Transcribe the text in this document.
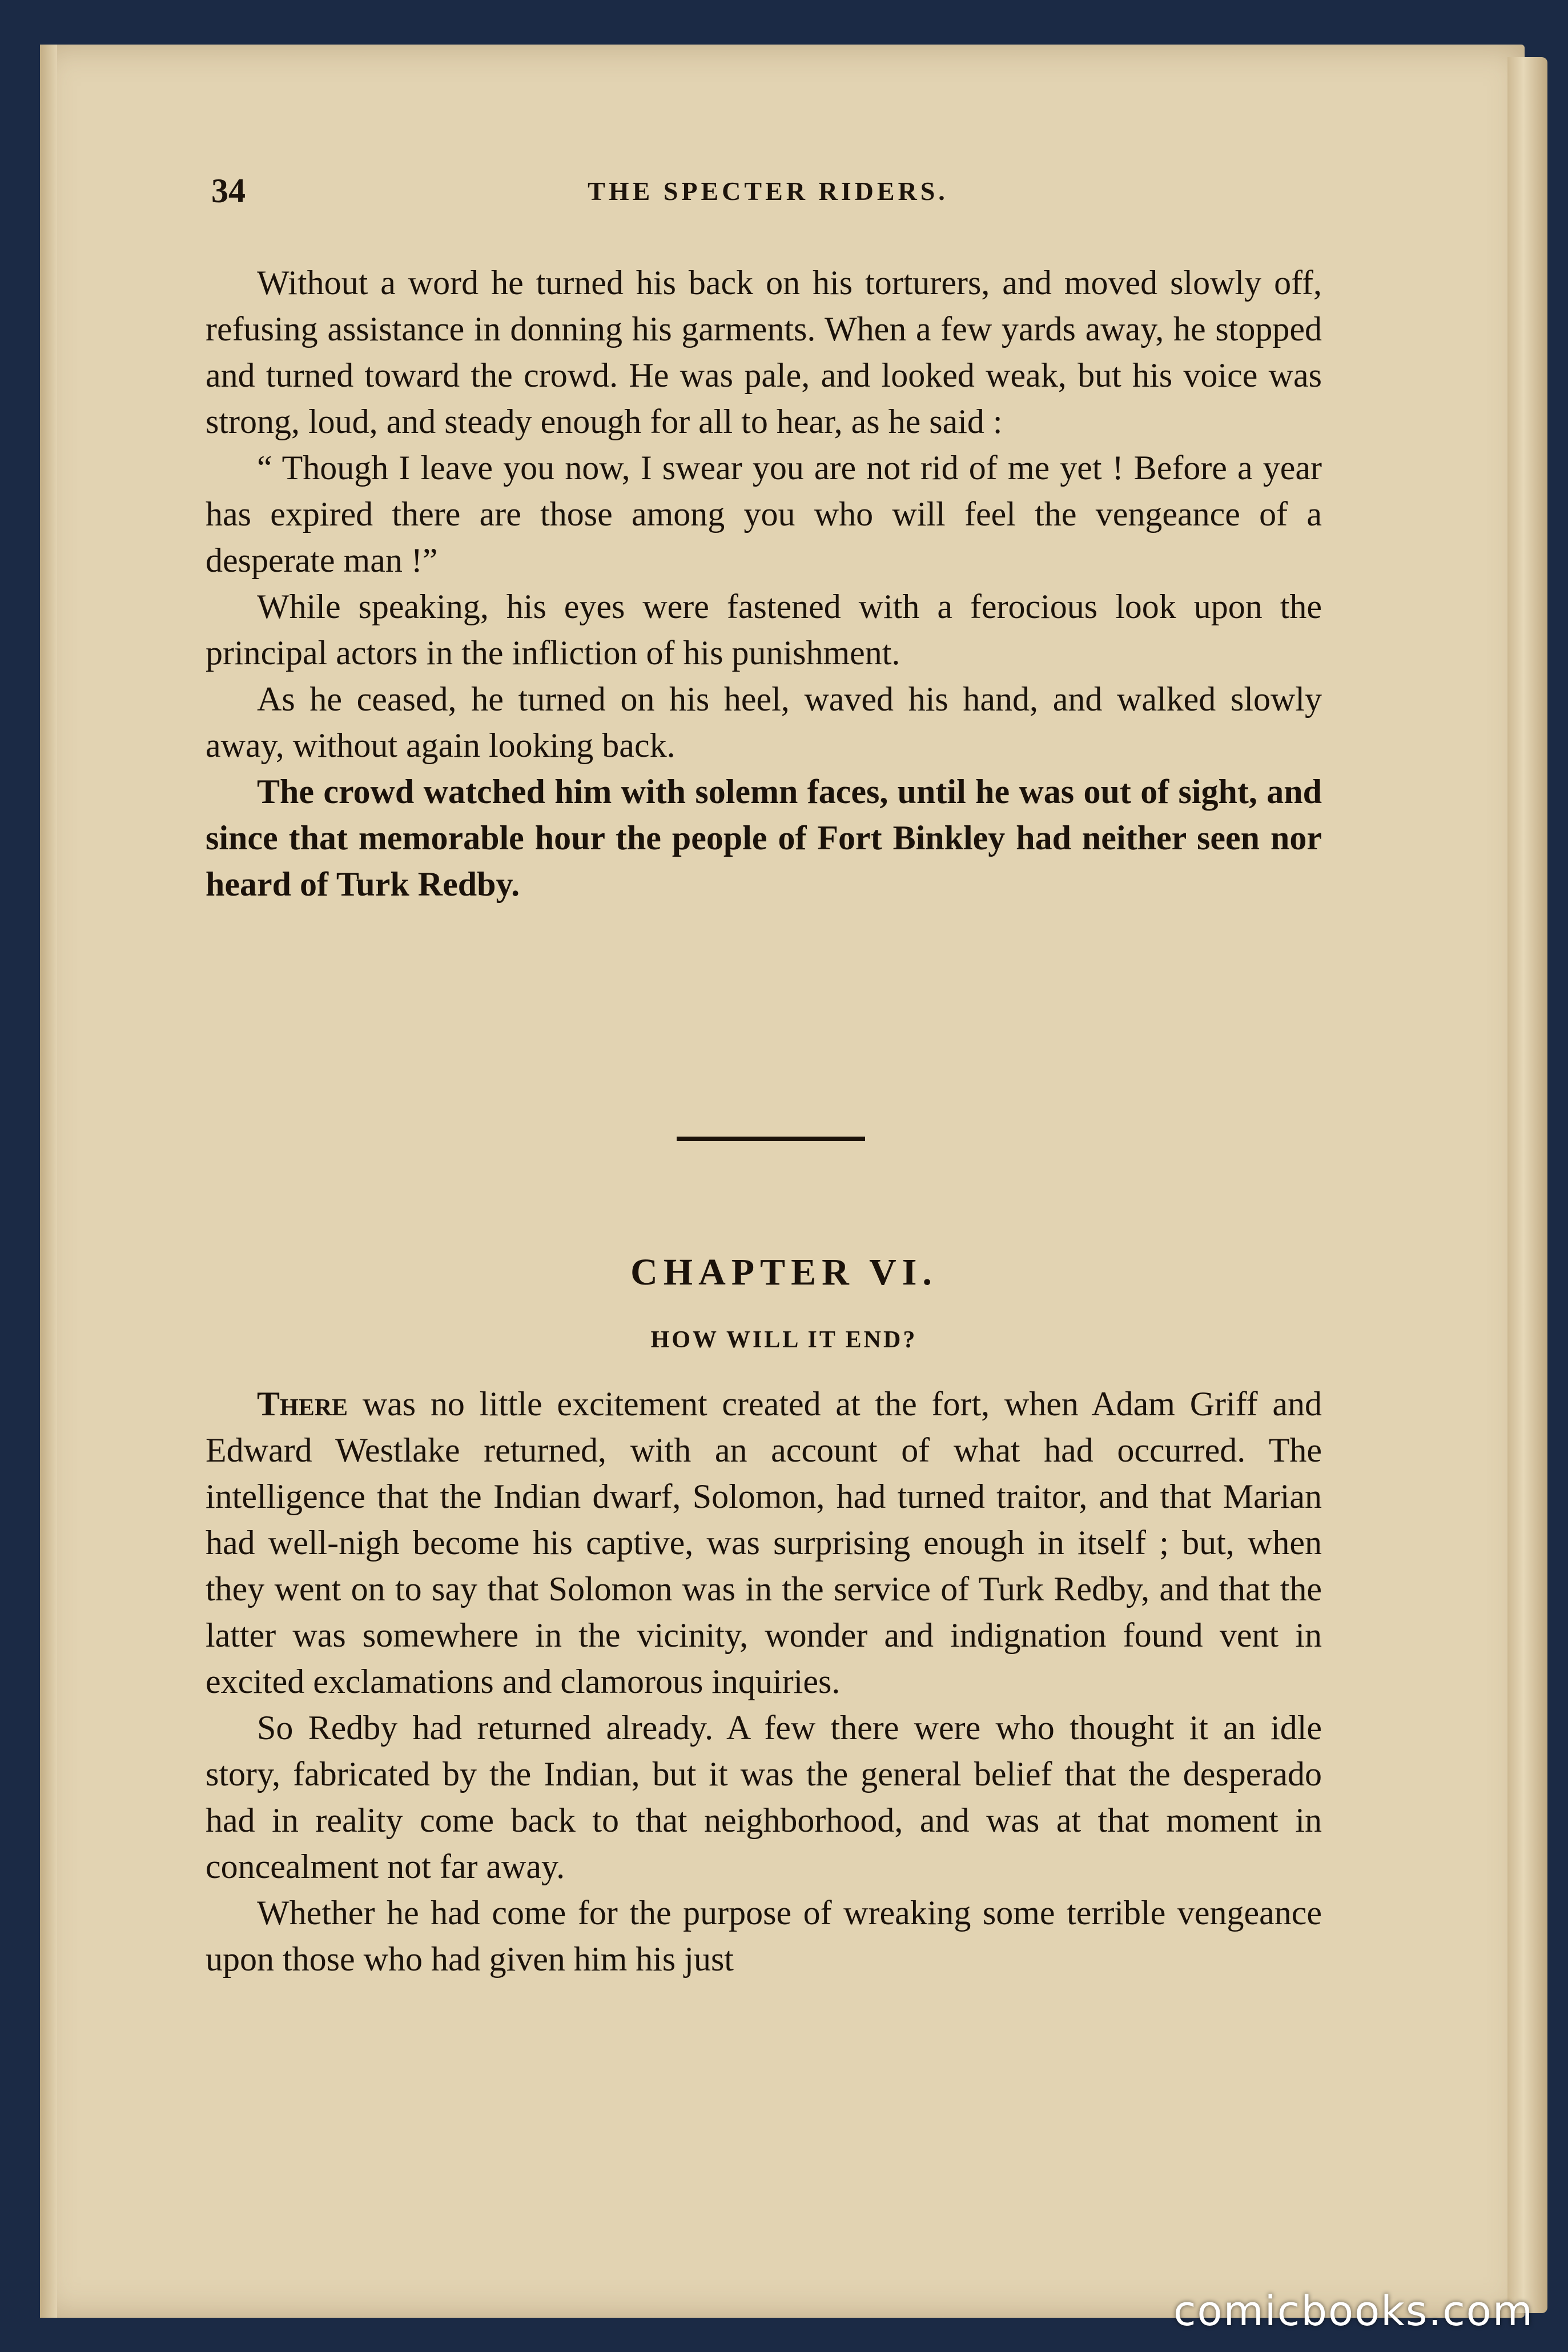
34	THE SPECTER RIDERS.

Without a word he turned his back on his torturers, and moved slowly off, refusing assistance in donning his garments. When a few yards away, he stopped and turned toward the crowd. He was pale, and looked weak, but his voice was strong, loud, and steady enough for all to hear, as he said :

“ Though I leave you now, I swear you are not rid of me yet ! Before a year has expired there are those among you who will feel the vengeance of a desperate man !”

While speaking, his eyes were fastened with a ferocious look upon the principal actors in the infliction of his punishment.

As he ceased, he turned on his heel, waved his hand, and walked slowly away, without again looking back.

The crowd watched him with solemn faces, until he was out of sight, and since that memorable hour the people of Fort Binkley had neither seen nor heard of Turk Redby.

CHAPTER VI.
HOW WILL IT END?

There was no little excitement created at the fort, when Adam Griff and Edward Westlake returned, with an account of what had occurred. The intelligence that the Indian dwarf, Solomon, had turned traitor, and that Marian had well-nigh become his captive, was surprising enough in itself ; but, when they went on to say that Solomon was in the service of Turk Redby, and that the latter was somewhere in the vicinity, wonder and indignation found vent in excited exclamations and clamorous inquiries.

So Redby had returned already. A few there were who thought it an idle story, fabricated by the Indian, but it was the general belief that the desperado had in reality come back to that neighborhood, and was at that moment in concealment not far away.

Whether he had come for the purpose of wreaking some terrible vengeance upon those who had given him his just

comicbooks.com
